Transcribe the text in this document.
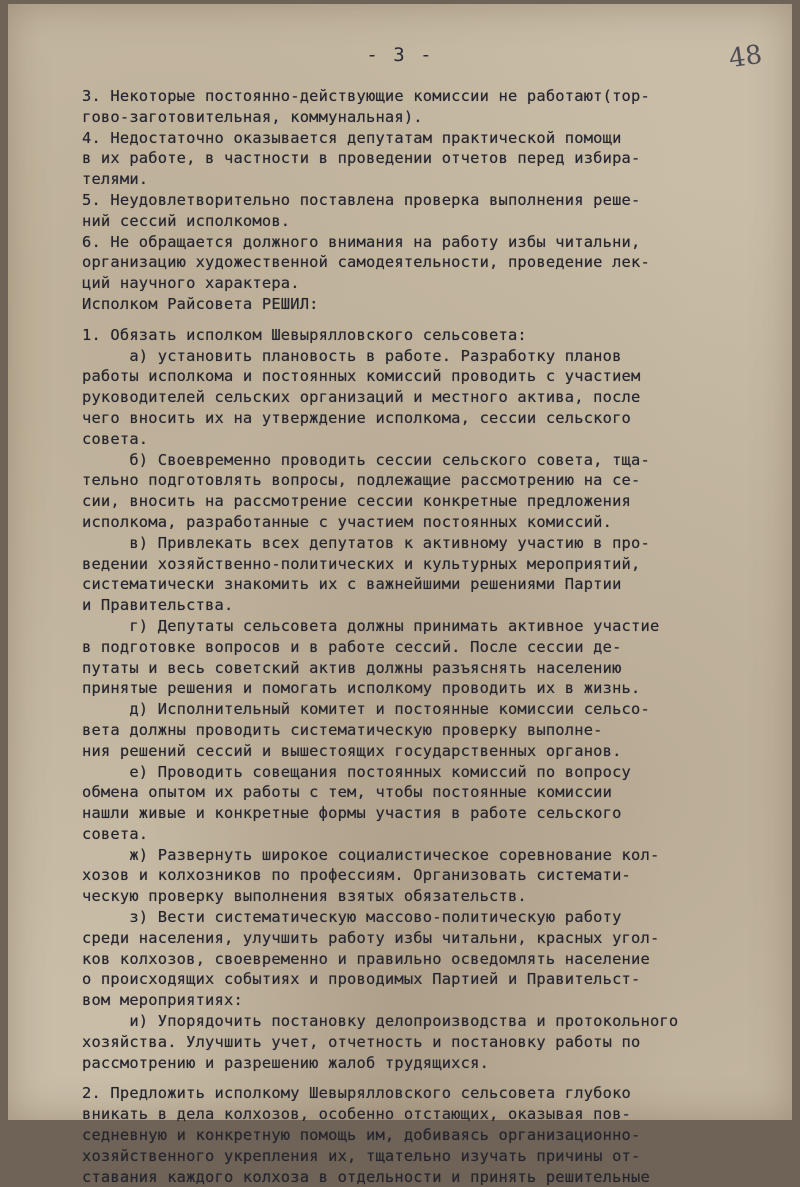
- 3 -	48
3. Некоторые постоянно-действующие комиссии не работают(тор-
гово-заготовительная, коммунальная).
4. Недостаточно оказывается депутатам практической помощи
в их работе, в частности в проведении отчетов перед избира-
телями.
5. Неудовлетворительно поставлена проверка выполнения реше-
ний сессий исполкомов.
6. Не обращается должного внимания на работу избы читальни,
организацию художественной самодеятельности, проведение лек-
ций научного характера.
Исполком Райсовета РЕШИЛ:
1. Обязать исполком Шевырялловского сельсовета:
а) установить плановость в работе. Разработку планов
работы исполкома и постоянных комиссий проводить с участием
руководителей сельских организаций и местного актива, после
чего вносить их на утверждение исполкома, сессии сельского
совета.
б) Своевременно проводить сессии сельского совета, тща-
тельно подготовлять вопросы, подлежащие рассмотрению на се-
сии, вносить на рассмотрение сессии конкретные предложения
исполкома, разработанные с участием постоянных комиссий.
в) Привлекать всех депутатов к активному участию в про-
ведении хозяйственно-политических и культурных мероприятий,
систематически знакомить их с важнейшими решениями Партии
и Правительства.
г) Депутаты сельсовета должны принимать активное участие
в подготовке вопросов и в работе сессий. После сессии де-
путаты и весь советский актив должны разъяснять населению
принятые решения и помогать исполкому проводить их в жизнь.
д) Исполнительный комитет и постоянные комиссии сельсо-
вета должны проводить систематическую проверку выполне-
ния решений сессий и вышестоящих государственных органов.
е) Проводить совещания постоянных комиссий по вопросу
обмена опытом их работы с тем, чтобы постоянные комиссии
нашли живые и конкретные формы участия в работе сельского
совета.
ж) Развернуть широкое социалистическое соревнование кол-
хозов и колхозников по профессиям. Организовать системати-
ческую проверку выполнения взятых обязательств.
з) Вести систематическую массово-политическую работу
среди населения, улучшить работу избы читальни, красных угол-
ков колхозов, своевременно и правильно осведомлять население
о происходящих событиях и проводимых Партией и Правительст-
вом мероприятиях:
и) Упорядочить постановку делопроизводства и протокольного
хозяйства. Улучшить учет, отчетность и постановку работы по
рассмотрению и разрешению жалоб трудящихся.
2. Предложить исполкому Шевырялловского сельсовета глубоко
вникать в дела колхозов, особенно отстающих, оказывая пов-
седневную и конкретную помощь им, добиваясь организационно-
хозяйственного укрепления их, тщательно изучать причины от-
ставания каждого колхоза в отдельности и принять решительные
